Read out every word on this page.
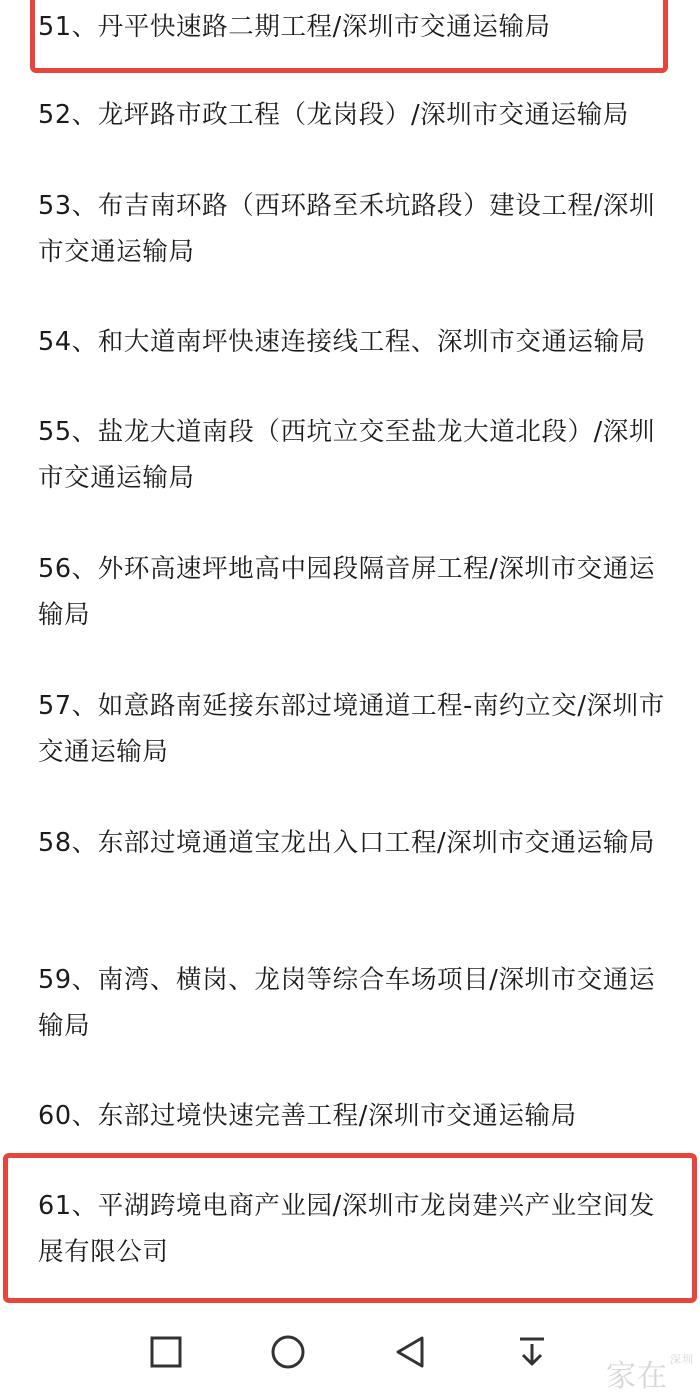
51、丹平快速路二期工程/深圳市交通运输局
52、龙坪路市政工程（龙岗段）/深圳市交通运输局
53、布吉南环路（西环路至禾坑路段）建设工程/深圳市交通运输局
54、和大道南坪快速连接线工程、深圳市交通运输局
55、盐龙大道南段（西坑立交至盐龙大道北段）/深圳市交通运输局
56、外环高速坪地高中园段隔音屏工程/深圳市交通运输局
57、如意路南延接东部过境通道工程-南约立交/深圳市交通运输局
58、东部过境通道宝龙出入口工程/深圳市交通运输局
59、南湾、横岗、龙岗等综合车场项目/深圳市交通运输局
60、东部过境快速完善工程/深圳市交通运输局
61、平湖跨境电商产业园/深圳市龙岗建兴产业空间发展有限公司
家在 $^{深圳}$
